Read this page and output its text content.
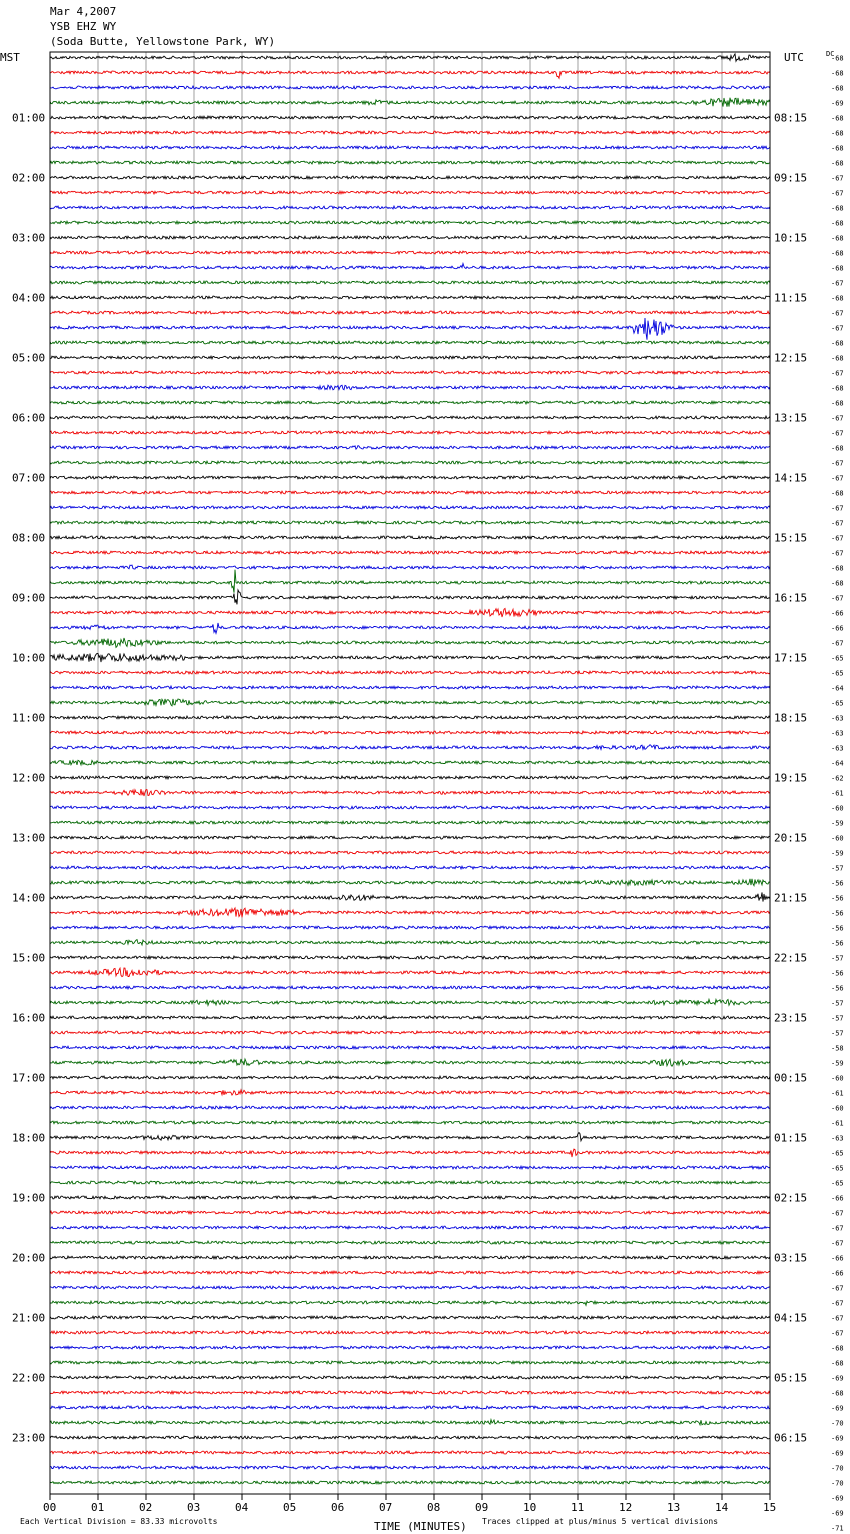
01:00
02:00
03:00
04:00
05:00
06:00
07:00
08:00
09:00
10:00
11:00
12:00
13:00
14:00
15:00
16:00
17:00
18:00
19:00
20:00
21:00
22:00
23:00
08:15
09:15
10:15
11:15
12:15
13:15
14:15
15:15
16:15
17:15
18:15
19:15
20:15
21:15
22:15
23:15
00:15
01:15
02:15
03:15
04:15
05:15
06:15
-68
-68
-68
-69
-68
-68
-68
-68
-67
-67
-68
-68
-68
-68
-68
-67
-68
-67
-67
-68
-68
-67
-68
-68
-67
-67
-68
-67
-67
-68
-67
-67
-67
-67
-68
-68
-67
-66
-66
-67
-65
-65
-64
-65
-63
-63
-63
-64
-62
-61
-60
-59
-60
-59
-57
-56
-56
-56
-56
-56
-57
-56
-56
-57
-57
-57
-58
-59
-60
-61
-60
-61
-63
-65
-65
-65
-66
-67
-67
-67
-66
-66
-67
-67
-67
-67
-68
-68
-69
-68
-69
-70
-69
-69
-70
-70
-69
-69
-71
00	01	02	03	04	05	06	07	08	09	10	11	12	13	14	15
Mar 4,2007
YSB EHZ WY
(Soda Butte, Yellowstone Park, WY)
MST	UTC	DC
TIME (MINUTES)
Each Vertical Division = 83.33 microvolts	Traces clipped at plus/minus 5 vertical divisions
